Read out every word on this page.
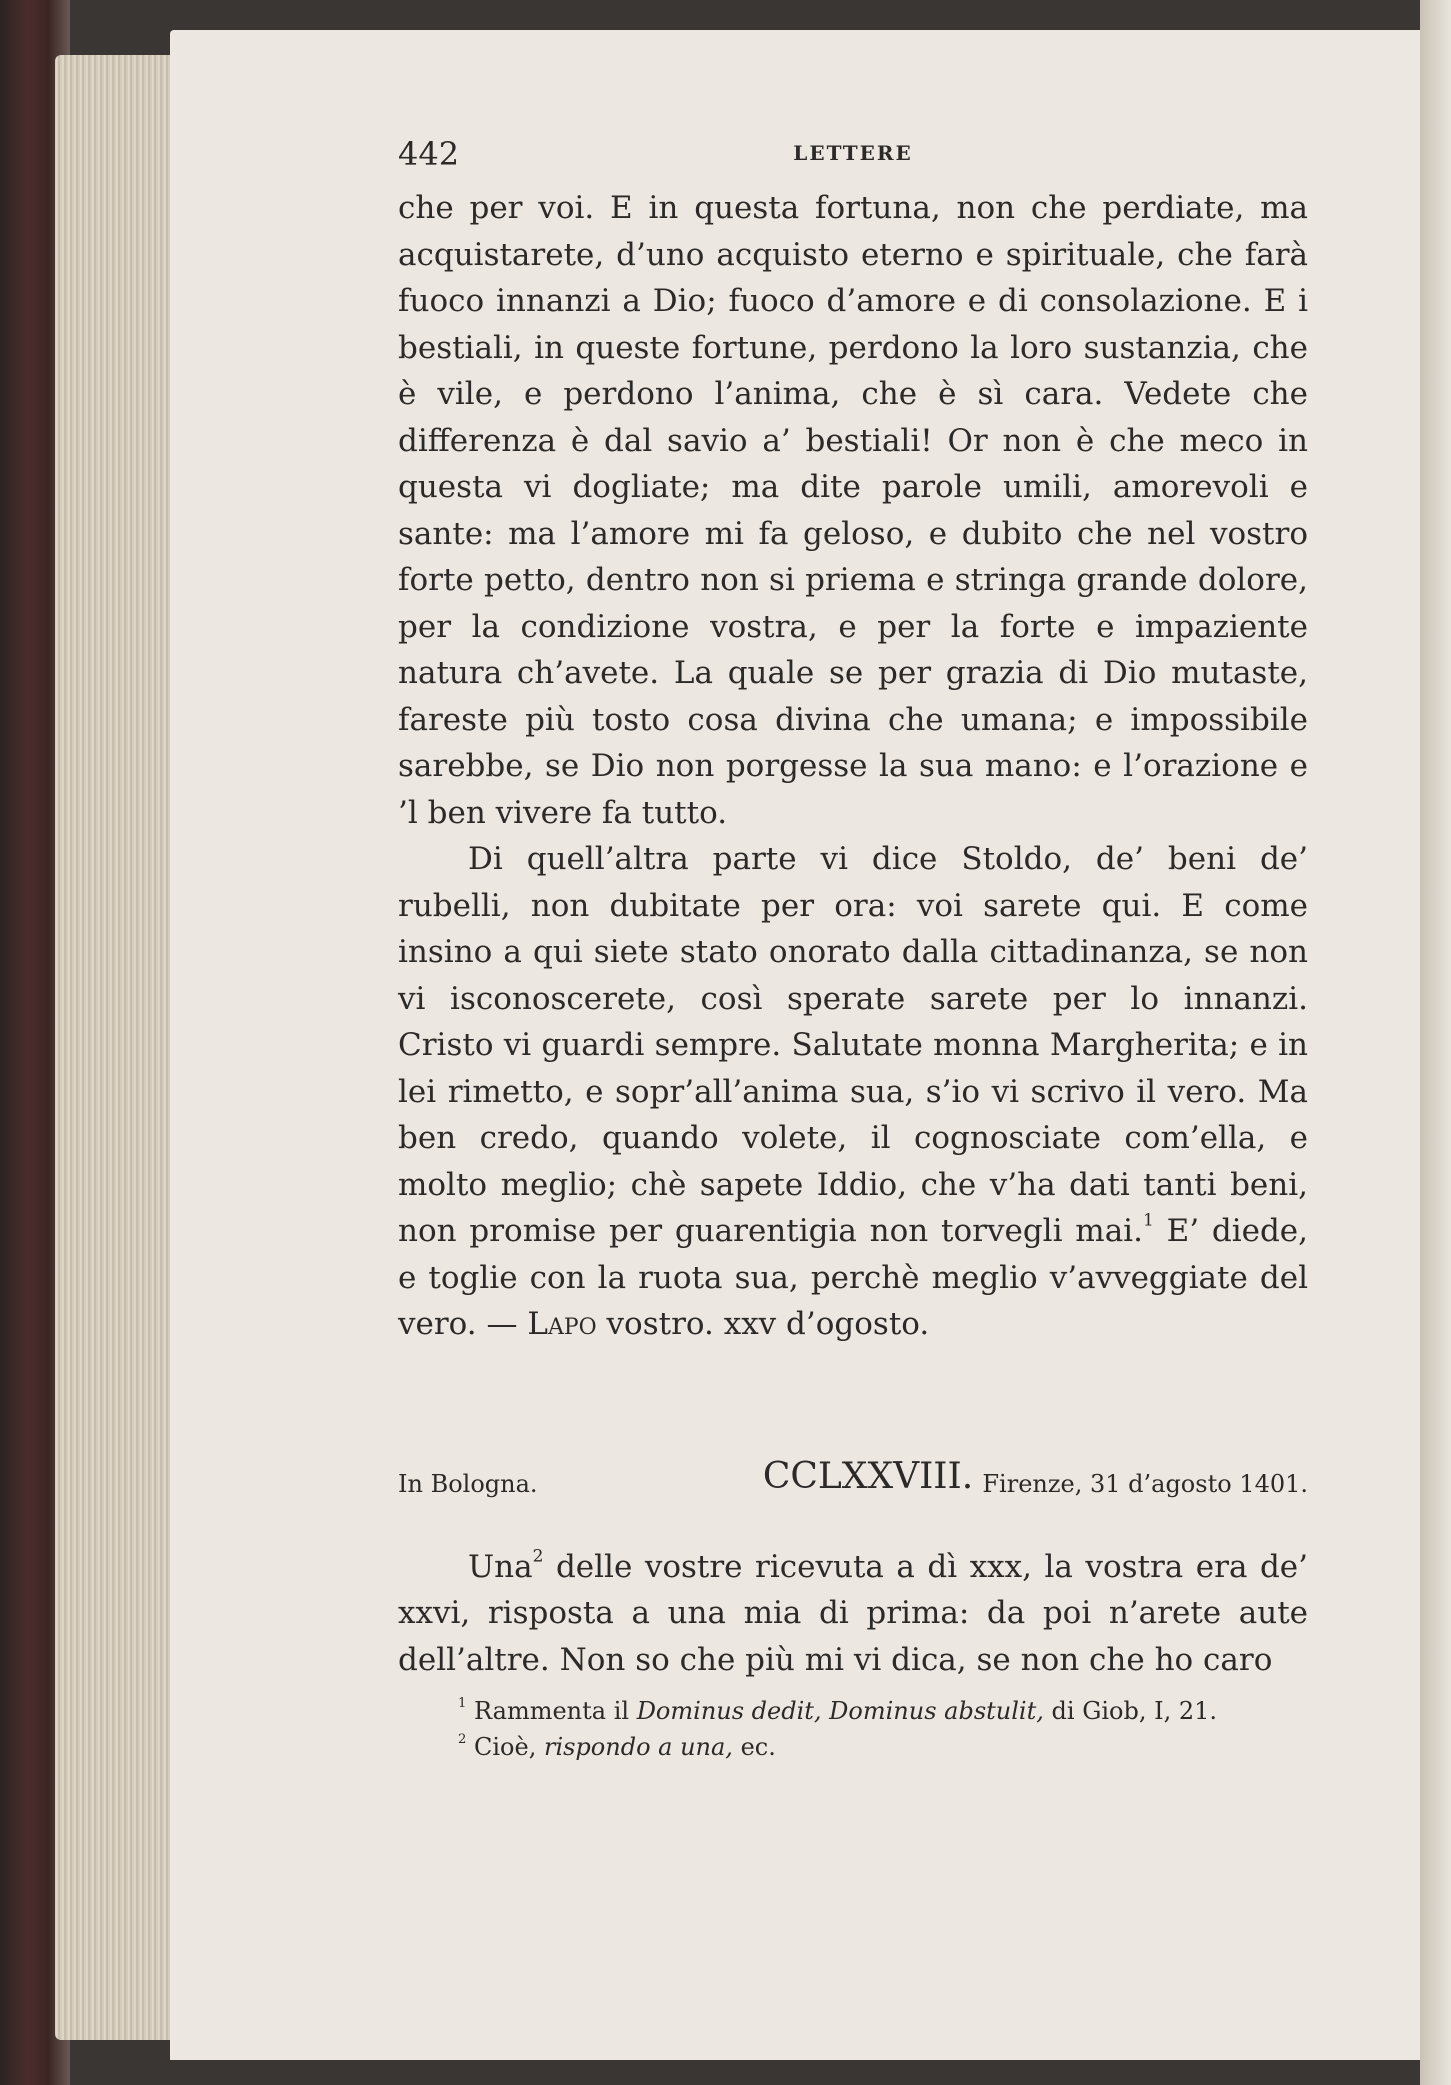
442	LETTERE

che per voi. E in questa fortuna, non che perdiate, ma acquistarete, d’uno acquisto eterno e spirituale, che farà fuoco innanzi a Dio; fuoco d’amore e di consolazione. E i bestiali, in queste fortune, perdono la loro sustanzia, che è vile, e perdono l’anima, che è sì cara. Vedete che differenza è dal savio a’ bestiali! Or non è che meco in questa vi dogliate; ma dite parole umili, amorevoli e sante: ma l’amore mi fa geloso, e dubito che nel vostro forte petto, dentro non si priema e stringa grande dolore, per la condizione vostra, e per la forte e impaziente natura ch’avete. La quale se per grazia di Dio mutaste, fareste più tosto cosa divina che umana; e impossibile sarebbe, se Dio non porgesse la sua mano: e l’orazione e ’l ben vivere fa tutto.

Di quell’altra parte vi dice Stoldo, de’ beni de’ rubelli, non dubitate per ora: voi sarete qui. E come insino a qui siete stato onorato dalla cittadinanza, se non vi isconoscerete, così sperate sarete per lo innanzi. Cristo vi guardi sempre. Salutate monna Margherita; e in lei rimetto, e sopr’all’anima sua, s’io vi scrivo il vero. Ma ben credo, quando volete, il cognosciate com’ella, e molto meglio; chè sapete Iddio, che v’ha dati tanti beni, non promise per guarentigia non torvegli mai.$^1$ E’ diede, e toglie con la ruota sua, perchè meglio v’avveggiate del vero. — Lapo vostro. xxv d’ogosto.

In Bologna.	CCLXXVIII. Firenze, 31 d’agosto 1401.

Una$^2$ delle vostre ricevuta a dì xxx, la vostra era de’ xxvi, risposta a una mia di prima: da poi n’arete aute dell’altre. Non so che più mi vi dica, se non che ho caro

$^1$ Rammenta il Dominus dedit, Dominus abstulit, di Giob, I, 21.
$^2$ Cioè, rispondo a una, ec.
